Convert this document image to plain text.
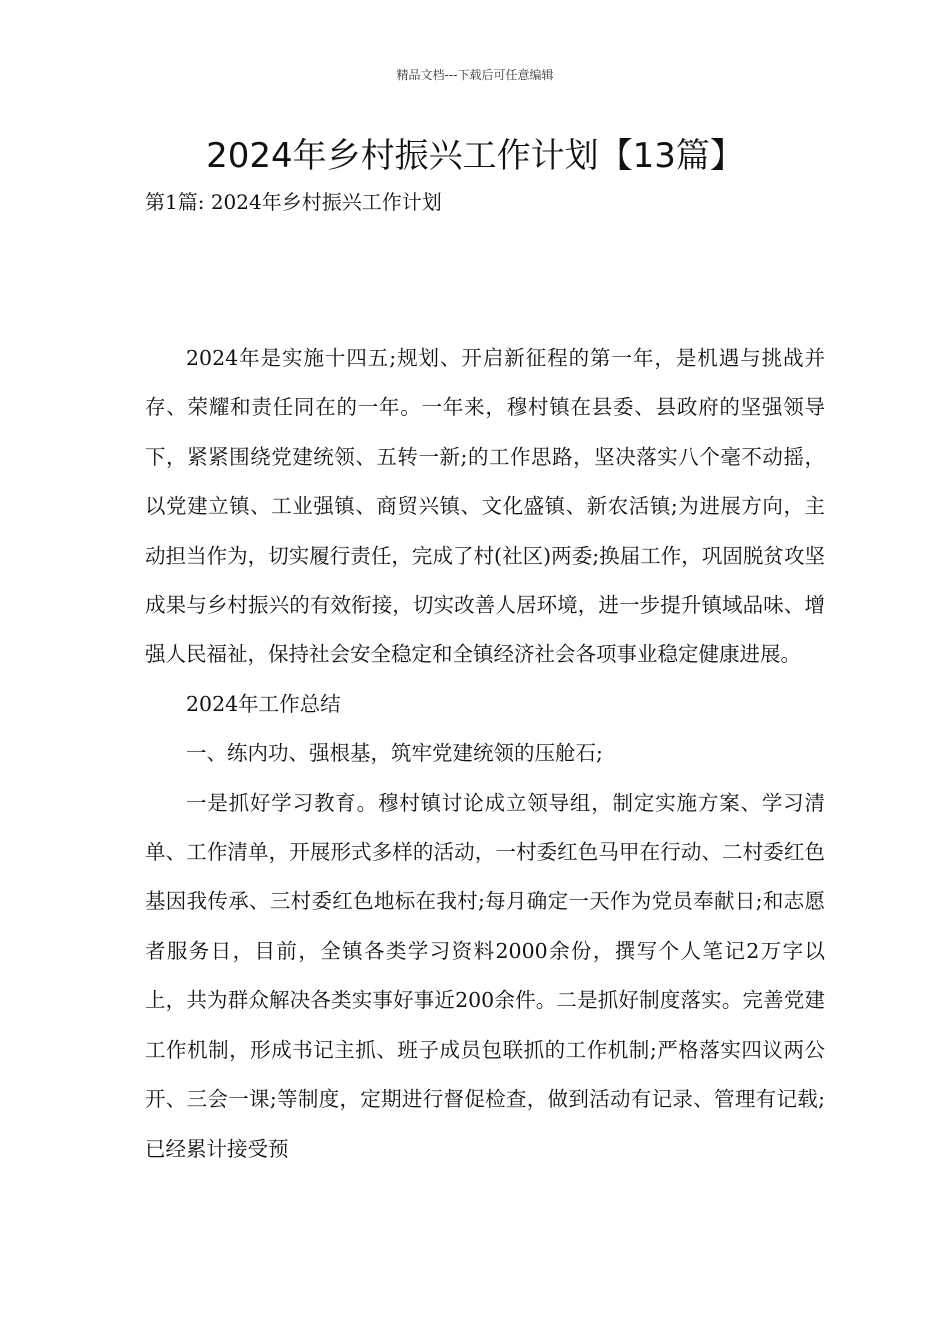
精品文档---下载后可任意编辑
2024年乡村振兴工作计划【13篇】
第1篇: 2024年乡村振兴工作计划

2024年是实施十四五;规划、开启新征程的第一年，是机遇与挑战并存、荣耀和责任同在的一年。一年来，穆村镇在县委、县政府的坚强领导下，紧紧围绕党建统领、五转一新;的工作思路，坚决落实八个毫不动摇，以党建立镇、工业强镇、商贸兴镇、文化盛镇、新农活镇;为进展方向，主动担当作为，切实履行责任，完成了村(社区)两委;换届工作，巩固脱贫攻坚成果与乡村振兴的有效衔接，切实改善人居环境，进一步提升镇域品味、增强人民福祉，保持社会安全稳定和全镇经济社会各项事业稳定健康进展。

2024年工作总结

一、练内功、强根基，筑牢党建统领的压舱石;

一是抓好学习教育。穆村镇讨论成立领导组，制定实施方案、学习清单、工作清单，开展形式多样的活动，一村委红色马甲在行动、二村委红色基因我传承、三村委红色地标在我村;每月确定一天作为党员奉献日;和志愿者服务日，目前，全镇各类学习资料2000余份，撰写个人笔记2万字以上，共为群众解决各类实事好事近200余件。二是抓好制度落实。完善党建工作机制，形成书记主抓、班子成员包联抓的工作机制;严格落实四议两公开、三会一课;等制度，定期进行督促检查，做到活动有记录、管理有记载;已经累计接受预
